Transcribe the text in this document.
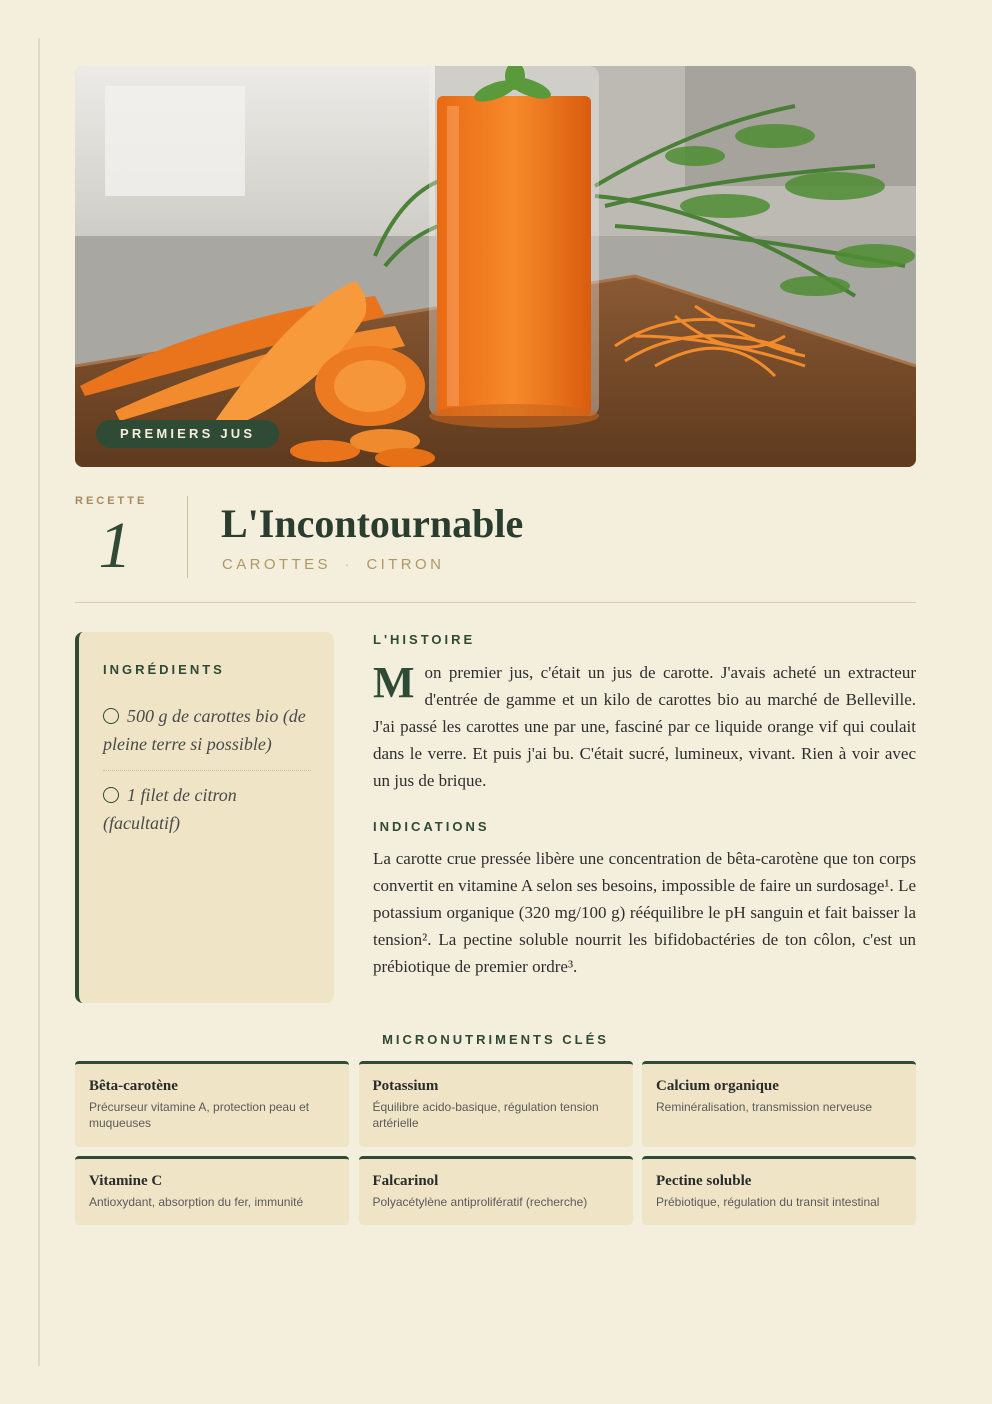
PREMIERS JUS
RECETTE
1	L'Incontournable
CAROTTES · CITRON
INGRÉDIENTS
500 g de carottes bio (de pleine terre si possible)
1 filet de citron (facultatif)
L'HISTOIRE

Mon premier jus, c'était un jus de carotte. J'avais acheté un extracteur d'entrée de gamme et un kilo de carottes bio au marché de Belleville. J'ai passé les carottes une par une, fasciné par ce liquide orange vif qui coulait dans le verre. Et puis j'ai bu. C'était sucré, lumineux, vivant. Rien à voir avec un jus de brique.

INDICATIONS

La carotte crue pressée libère une concentration de bêta-carotène que ton corps convertit en vitamine A selon ses besoins, impossible de faire un surdosage¹. Le potassium organique (320 mg/100 g) rééquilibre le pH sanguin et fait baisser la tension². La pectine soluble nourrit les bifidobactéries de ton côlon, c'est un prébiotique de premier ordre³.

MICRONUTRIMENTS CLÉS
Bêta-carotène
Précurseur vitamine A, protection peau et muqueuses
Potassium
Équilibre acido-basique, régulation tension artérielle
Calcium organique
Reminéralisation, transmission nerveuse
Vitamine C
Antioxydant, absorption du fer, immunité
Falcarinol
Polyacétylène antiprolifératif (recherche)
Pectine soluble
Prébiotique, régulation du transit intestinal
